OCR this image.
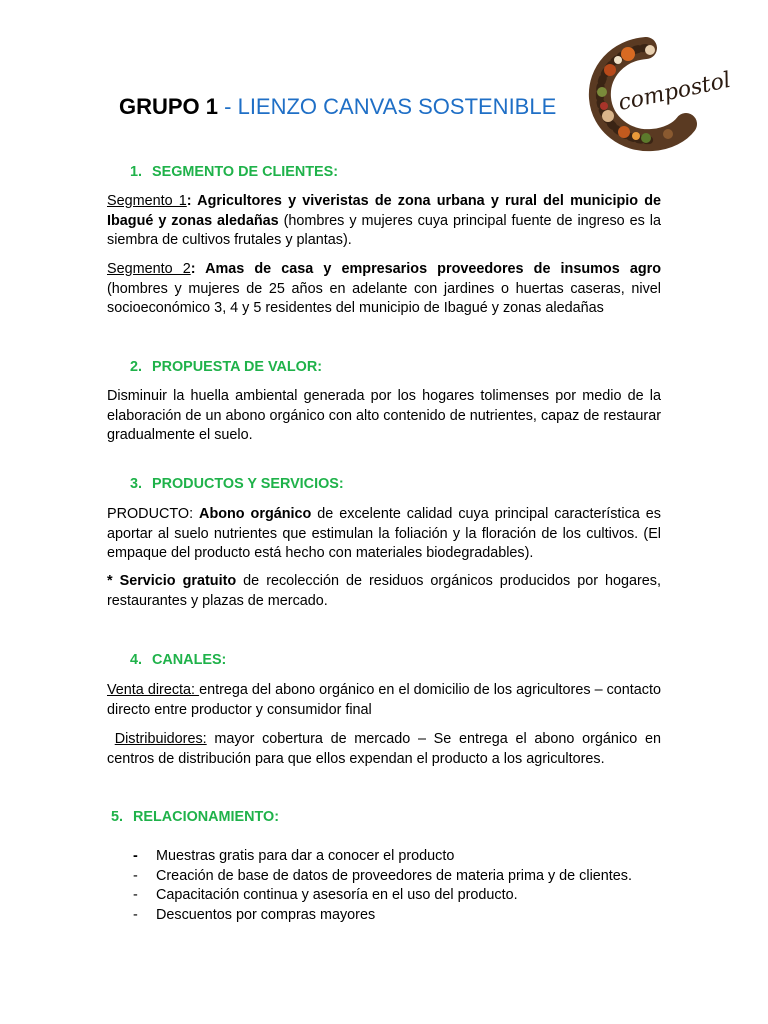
GRUPO 1 - LIENZO CANVAS SOSTENIBLE	compostol
1. SEGMENTO DE CLIENTES:
Segmento 1: Agricultores y viveristas de zona urbana y rural del municipio de Ibagué y zonas aledañas (hombres y mujeres cuya principal fuente de ingreso es la siembra de cultivos frutales y plantas).
Segmento 2: Amas de casa y empresarios proveedores de insumos agro (hombres y mujeres de 25 años en adelante con jardines o huertas caseras, nivel socioeconómico 3, 4 y 5 residentes del municipio de Ibagué y zonas aledañas
2. PROPUESTA DE VALOR:
Disminuir la huella ambiental generada por los hogares tolimenses por medio de la elaboración de un abono orgánico con alto contenido de nutrientes, capaz de restaurar gradualmente el suelo.
3. PRODUCTOS Y SERVICIOS:
PRODUCTO: Abono orgánico de excelente calidad cuya principal característica es aportar al suelo nutrientes que estimulan la foliación y la floración de los cultivos. (El empaque del producto está hecho con materiales biodegradables).
* Servicio gratuito de recolección de residuos orgánicos producidos por hogares, restaurantes y plazas de mercado.
4. CANALES:
Venta directa: entrega del abono orgánico en el domicilio de los agricultores – contacto directo entre productor y consumidor final
Distribuidores: mayor cobertura de mercado – Se entrega el abono orgánico en centros de distribución para que ellos expendan el producto a los agricultores.
5. RELACIONAMIENTO:
-	Muestras gratis para dar a conocer el producto
-	Creación de base de datos de proveedores de materia prima y de clientes.
-	Capacitación continua y asesoría en el uso del producto.
-	Descuentos por compras mayores
